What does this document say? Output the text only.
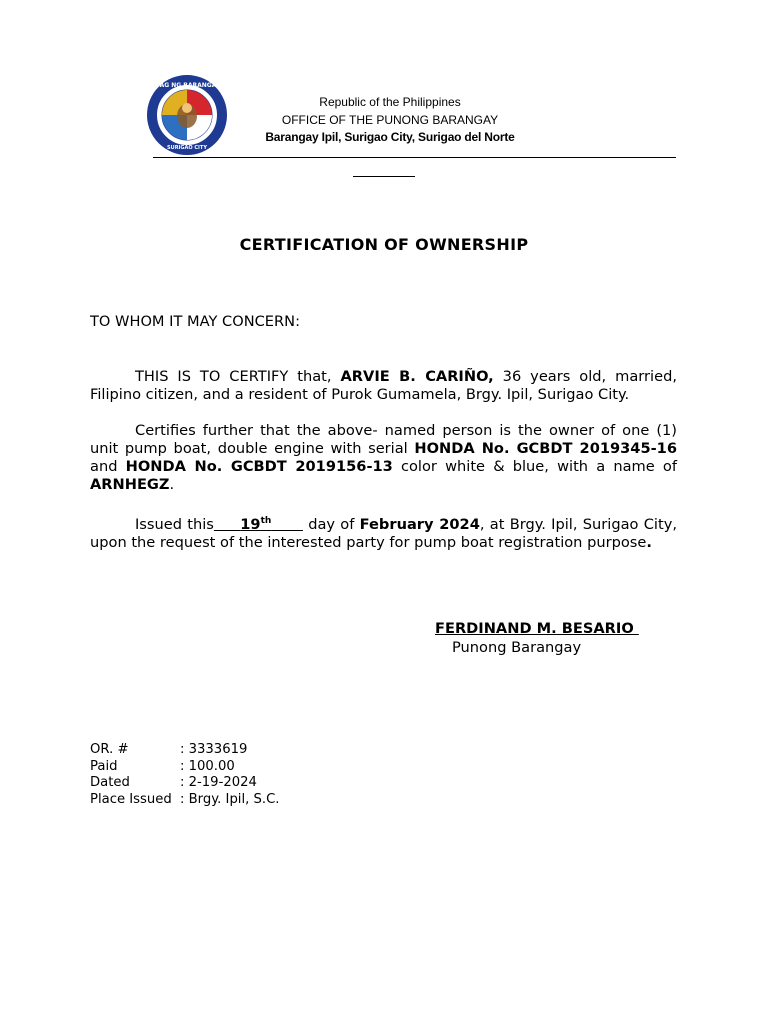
SAGISAG NG BARANGAY IPIL
SURIGAO CITY
Republic of the Philippines
OFFICE OF THE PUNONG BARANGAY
Barangay Ipil, Surigao City, Surigao del Norte
CERTIFICATION OF OWNERSHIP
TO WHOM IT MAY CONCERN:
THIS IS TO CERTIFY that, ARVIE B. CARIÑO, 36 years old, married, Filipino citizen, and a resident of Purok Gumamela, Brgy. Ipil, Surigao City.
Certifies further that the above- named person is the owner of one (1) unit pump boat, double engine with serial HONDA No. GCBDT 2019345-16 and HONDA No. GCBDT 2019156-13 color white & blue, with a name of ARNHEGZ.
Issued this 19th       day of February 2024, at Brgy. Ipil, Surigao City, upon the request of the interested party for pump boat registration purpose.
FERDINAND M. BESARIO
Punong Barangay
OR. #	: 3333619
Paid	: 100.00
Dated	: 2-19-2024
Place Issued : Brgy. Ipil, S.C.
